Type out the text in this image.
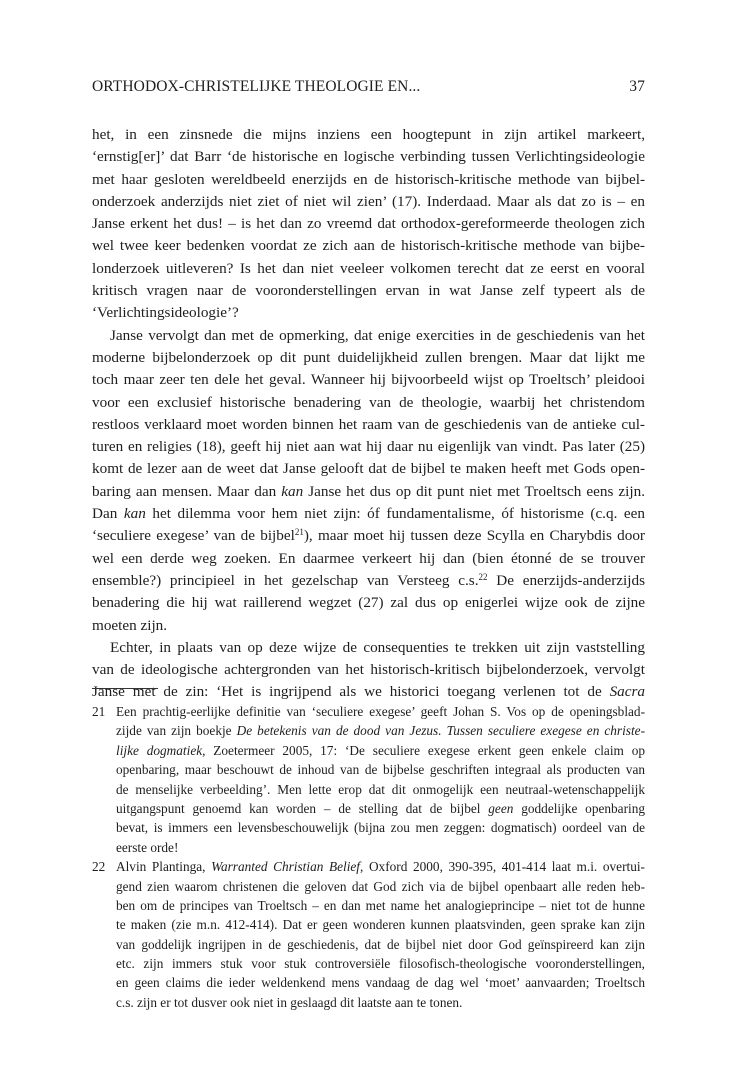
ORTHODOX-CHRISTELIJKE THEOLOGIE EN...	37
het, in een zinsnede die mijns inziens een hoogtepunt in zijn artikel markeert,
‘ernstig[er]’ dat Barr ‘de historische en logische verbinding tussen Verlichtingsideologie
met haar gesloten wereldbeeld enerzijds en de historisch-kritische methode van bijbel-
onderzoek anderzijds niet ziet of niet wil zien’ (17). Inderdaad. Maar als dat zo is – en
Janse erkent het dus! – is het dan zo vreemd dat orthodox-gereformeerde theologen zich
wel twee keer bedenken voordat ze zich aan de historisch-kritische methode van bijbe-
londerzoek uitleveren? Is het dan niet veeleer volkomen terecht dat ze eerst en vooral
kritisch vragen naar de vooronderstellingen ervan in wat Janse zelf typeert als de
‘Verlichtingsideologie’?
Janse vervolgt dan met de opmerking, dat enige exercities in de geschiedenis van het
moderne bijbelonderzoek op dit punt duidelijkheid zullen brengen. Maar dat lijkt me
toch maar zeer ten dele het geval. Wanneer hij bijvoorbeeld wijst op Troeltsch’ pleidooi
voor een exclusief historische benadering van de theologie, waarbij het christendom
restloos verklaard moet worden binnen het raam van de geschiedenis van de antieke cul-
turen en religies (18), geeft hij niet aan wat hij daar nu eigenlijk van vindt. Pas later (25)
komt de lezer aan de weet dat Janse gelooft dat de bijbel te maken heeft met Gods open-
baring aan mensen. Maar dan kan Janse het dus op dit punt niet met Troeltsch eens zijn.
Dan kan het dilemma voor hem niet zijn: óf fundamentalisme, óf historisme (c.q. een
‘seculiere exegese’ van de bijbel$^{21}$), maar moet hij tussen deze Scylla en Charybdis door
wel een derde weg zoeken. En daarmee verkeert hij dan (bien étonné de se trouver
ensemble?) principieel in het gezelschap van Versteeg c.s.$^{22}$ De enerzijds-anderzijds
benadering die hij wat raillerend wegzet (27) zal dus op enigerlei wijze ook de zijne
moeten zijn.
Echter, in plaats van op deze wijze de consequenties te trekken uit zijn vaststelling
van de ideologische achtergronden van het historisch-kritisch bijbelonderzoek, vervolgt
Janse met de zin: ‘Het is ingrijpend als we historici toegang verlenen tot de Sacra
21 Een prachtig-eerlijke definitie van ‘seculiere exegese’ geeft Johan S. Vos op de openingsblad-
zijde van zijn boekje De betekenis van de dood van Jezus. Tussen seculiere exegese en christe-
lijke dogmatiek, Zoetermeer 2005, 17: ‘De seculiere exegese erkent geen enkele claim op
openbaring, maar beschouwt de inhoud van de bijbelse geschriften integraal als producten van
de menselijke verbeelding’. Men lette erop dat dit onmogelijk een neutraal-wetenschappelijk
uitgangspunt genoemd kan worden – de stelling dat de bijbel geen goddelijke openbaring
bevat, is immers een levensbeschouwelijk (bijna zou men zeggen: dogmatisch) oordeel van de
eerste orde!
22 Alvin Plantinga, Warranted Christian Belief, Oxford 2000, 390-395, 401-414 laat m.i. overtui-
gend zien waarom christenen die geloven dat God zich via de bijbel openbaart alle reden heb-
ben om de principes van Troeltsch – en dan met name het analogieprincipe – niet tot de hunne
te maken (zie m.n. 412-414). Dat er geen wonderen kunnen plaatsvinden, geen sprake kan zijn
van goddelijk ingrijpen in de geschiedenis, dat de bijbel niet door God geïnspireerd kan zijn
etc. zijn immers stuk voor stuk controversiële filosofisch-theologische vooronderstellingen,
en geen claims die ieder weldenkend mens vandaag de dag wel ‘moet’ aanvaarden; Troeltsch
c.s. zijn er tot dusver ook niet in geslaagd dit laatste aan te tonen.
